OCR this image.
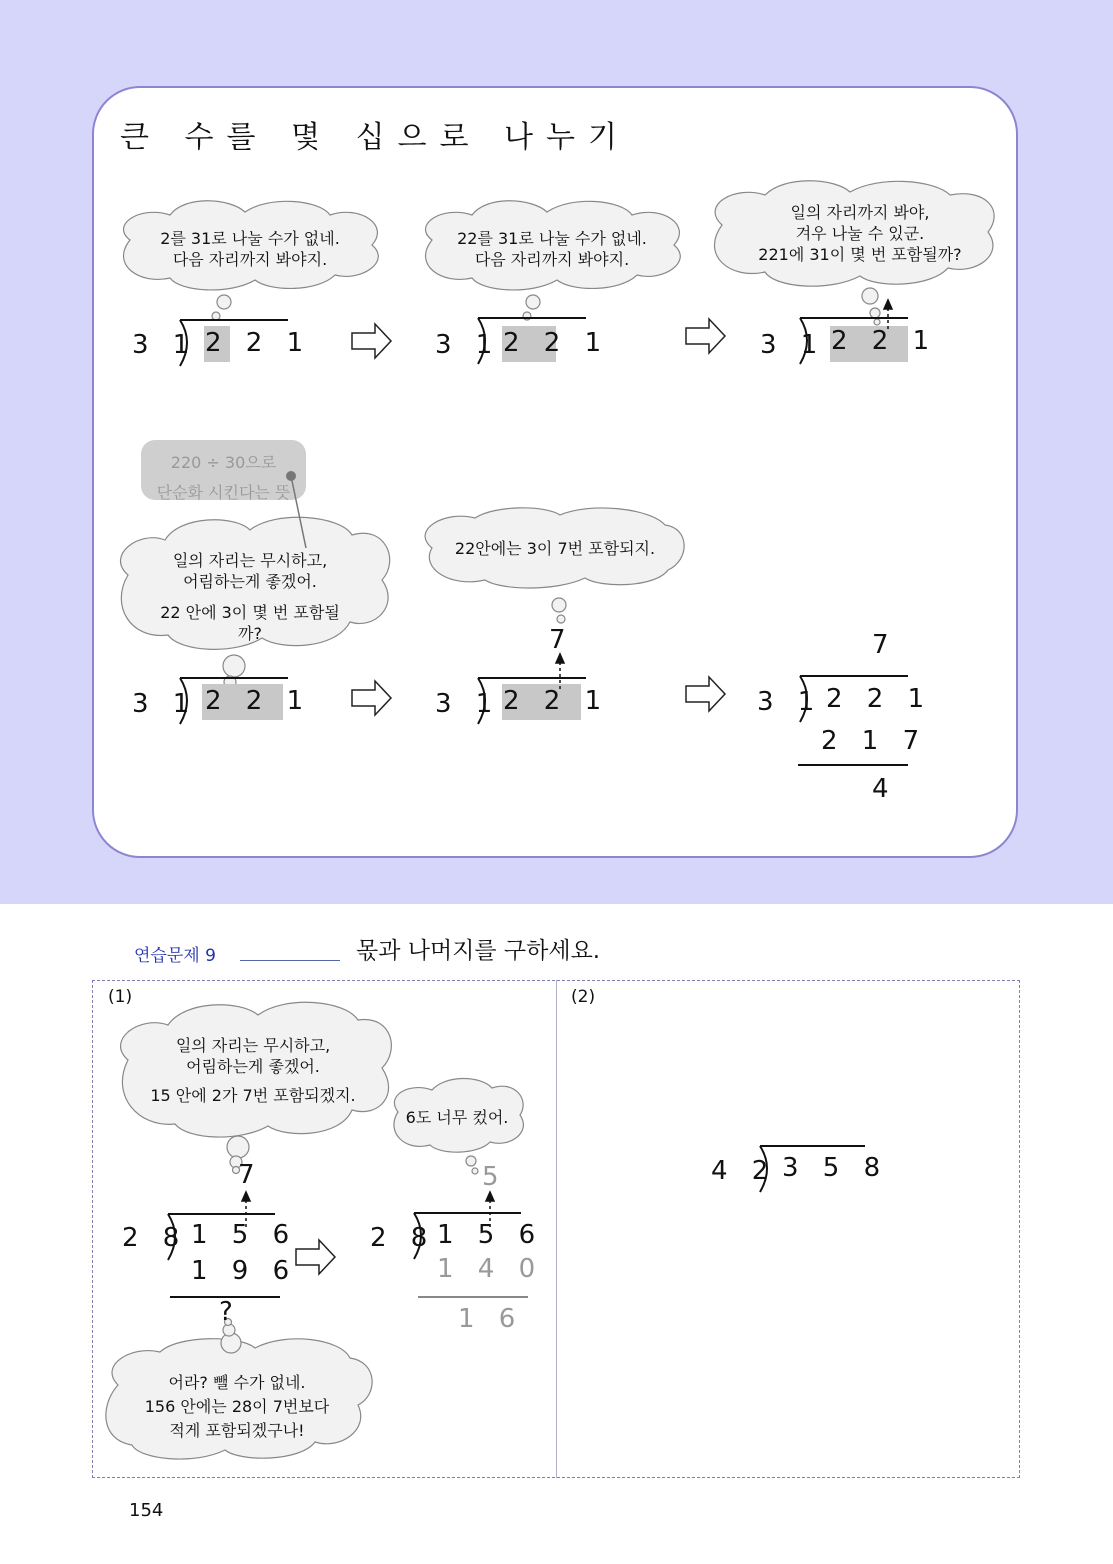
큰 수를 몇 십으로 나누기
2를 31로 나눌 수가 없네.
다음 자리까지 봐야지.
22를 31로 나눌 수가 없네.
다음 자리까지 봐야지.
일의 자리까지 봐야,
겨우 나눌 수 있군.
221에 31이 몇 번 포함될까?
220 ÷ 30으로
단순화 시킨다는 뜻
일의 자리는 무시하고,
어림하는게 좋겠어.
22 안에 3이 몇 번 포함될
까?
22안에는 3이 7번 포함되지.
3 1 2 2 1	3 1 2 2 1	3 1 2 2 1
3 1 2 2 1
7
3 1 2 2 1
7
3 1 2 2 1
2 1 7
4
연습문제 9	몫과 나머지를 구하세요.
(1)	(2)
일의 자리는 무시하고,
어림하는게 좋겠어.
15 안에 2가 7번 포함되겠지.
6도 너무 컸어.
어라? 뺄 수가 없네.
156 안에는 28이 7번보다
적게 포함되겠구나!
7
2 8 1 5 6
1 9 6
?
5
2 8 1 5 6
1 4 0
1 6
4 2 3 5 8
154
